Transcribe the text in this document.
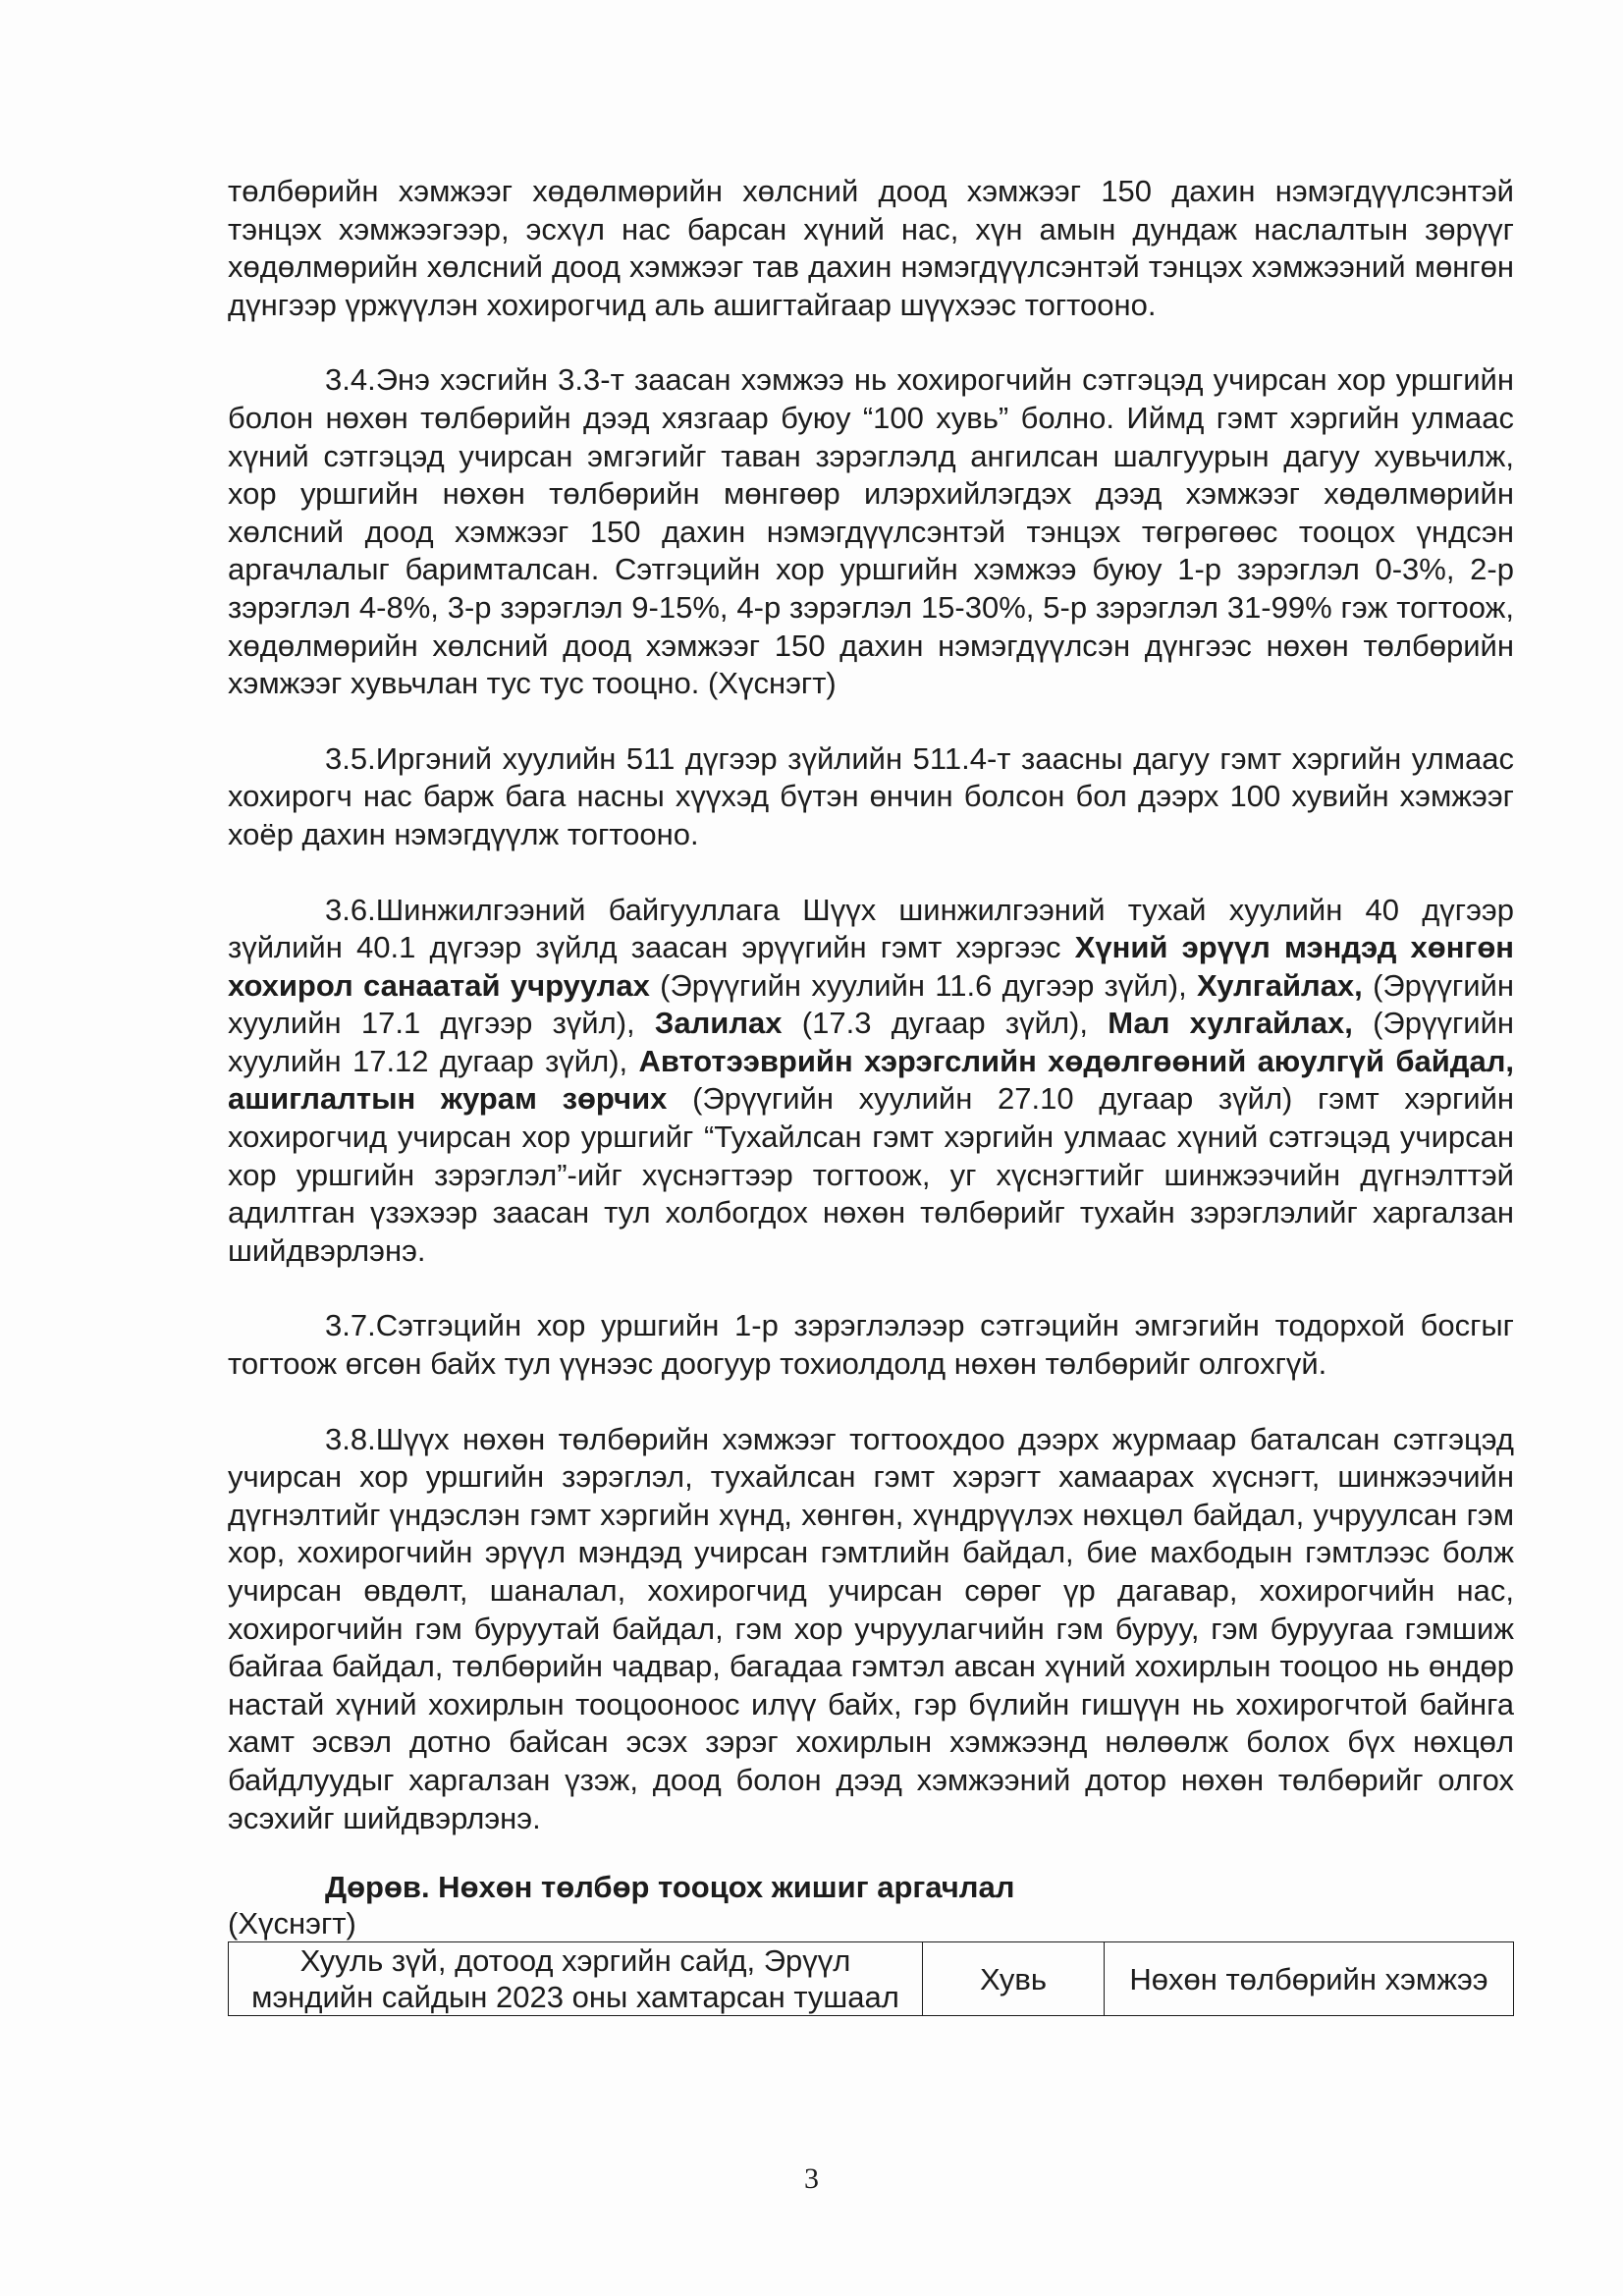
төлбөрийн хэмжээг хөдөлмөрийн хөлсний доод хэмжээг 150 дахин нэмэгдүүлсэнтэй тэнцэх хэмжээгээр, эсхүл нас барсан хүний нас, хүн амын дундаж наслалтын зөрүүг хөдөлмөрийн хөлсний доод хэмжээг тав дахин нэмэгдүүлсэнтэй тэнцэх хэмжээний мөнгөн дүнгээр үржүүлэн хохирогчид аль ашигтайгаар шүүхээс тогтооно.

3.4.Энэ хэсгийн 3.3-т заасан хэмжээ нь хохирогчийн сэтгэцэд учирсан хор уршгийн болон нөхөн төлбөрийн дээд хязгаар буюу “100 хувь” болно. Иймд гэмт хэргийн улмаас хүний сэтгэцэд учирсан эмгэгийг таван зэрэглэлд ангилсан шалгуурын дагуу хувьчилж, хор уршгийн нөхөн төлбөрийн мөнгөөр илэрхийлэгдэх дээд хэмжээг хөдөлмөрийн хөлсний доод хэмжээг 150 дахин нэмэгдүүлсэнтэй тэнцэх төгрөгөөс тооцох үндсэн аргачлалыг баримталсан. Сэтгэцийн хор уршгийн хэмжээ буюу 1-р зэрэглэл 0-3%, 2-р зэрэглэл 4-8%, 3-р зэрэглэл 9-15%, 4-р зэрэглэл 15-30%, 5-р зэрэглэл 31-99% гэж тогтоож, хөдөлмөрийн хөлсний доод хэмжээг 150 дахин нэмэгдүүлсэн дүнгээс нөхөн төлбөрийн хэмжээг хувьчлан тус тус тооцно. (Хүснэгт)

3.5.Иргэний хуулийн 511 дүгээр зүйлийн 511.4-т заасны дагуу гэмт хэргийн улмаас хохирогч нас барж бага насны хүүхэд бүтэн өнчин болсон бол дээрх 100 хувийн хэмжээг хоёр дахин нэмэгдүүлж тогтооно.

3.6.Шинжилгээний байгууллага Шүүх шинжилгээний тухай хуулийн 40 дүгээр зүйлийн 40.1 дүгээр зүйлд заасан эрүүгийн гэмт хэргээс Хүний эрүүл мэндэд хөнгөн хохирол санаатай учруулах (Эрүүгийн хуулийн 11.6 дугээр зүйл), Хулгайлах, (Эрүүгийн хуулийн 17.1 дүгээр зүйл), Залилах (17.3 дугаар зүйл), Мал хулгайлах, (Эрүүгийн хуулийн 17.12 дугаар зүйл), Автотээврийн хэрэгслийн хөдөлгөөний аюулгүй байдал, ашиглалтын журам зөрчих (Эрүүгийн хуулийн 27.10 дугаар зүйл) гэмт хэргийн хохирогчид учирсан хор уршгийг “Тухайлсан гэмт хэргийн улмаас хүний сэтгэцэд учирсан хор уршгийн зэрэглэл”-ийг хүснэгтээр тогтоож, уг хүснэгтийг шинжээчийн дүгнэлттэй адилтган үзэхээр заасан тул холбогдох нөхөн төлбөрийг тухайн зэрэглэлийг харгалзан шийдвэрлэнэ.

3.7.Сэтгэцийн хор уршгийн 1-р зэрэглэлээр сэтгэцийн эмгэгийн тодорхой босгыг тогтоож өгсөн байх тул үүнээс доогуур тохиолдолд нөхөн төлбөрийг олгохгүй.

3.8.Шүүх нөхөн төлбөрийн хэмжээг тогтоохдоо дээрх журмаар баталсан сэтгэцэд учирсан хор уршгийн зэрэглэл, тухайлсан гэмт хэрэгт хамаарах хүснэгт, шинжээчийн дүгнэлтийг үндэслэн гэмт хэргийн хүнд, хөнгөн, хүндрүүлэх нөхцөл байдал, учруулсан гэм хор, хохирогчийн эрүүл мэндэд учирсан гэмтлийн байдал, бие махбодын гэмтлээс болж учирсан өвдөлт, шаналал, хохирогчид учирсан сөрөг үр дагавар, хохирогчийн нас, хохирогчийн гэм буруутай байдал, гэм хор учруулагчийн гэм буруу, гэм буруугаа гэмшиж байгаа байдал, төлбөрийн чадвар, багадаа гэмтэл авсан хүний хохирлын тооцоо нь өндөр настай хүний хохирлын тооцооноос илүү байх, гэр бүлийн гишүүн нь хохирогчтой байнга хамт эсвэл дотно байсан эсэх зэрэг хохирлын хэмжээнд нөлөөлж болох бүх нөхцөл байдлуудыг харгалзан үзэж, доод болон дээд хэмжээний дотор нөхөн төлбөрийг олгох эсэхийг шийдвэрлэнэ.

Дөрөв. Нөхөн төлбөр тооцох жишиг аргачлал

(Хүснэгт)

Хууль зүй, дотоод хэргийн сайд, Эрүүл мэндийн сайдын 2023 оны хамтарсан тушаал	Хувь	Нөхөн төлбөрийн хэмжээ
3
